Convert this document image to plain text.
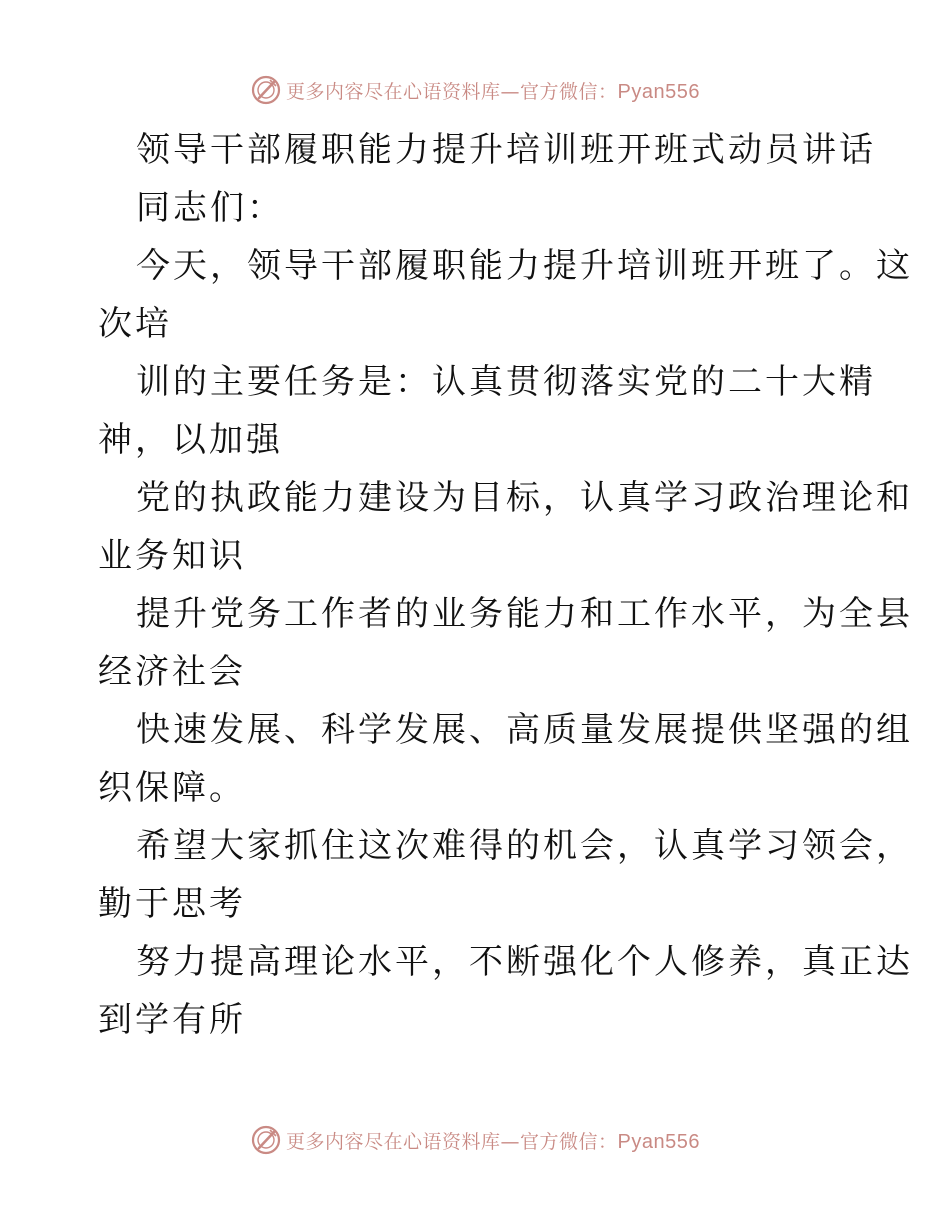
更多内容尽在心语资料库—官方微信：Pyan556
领导干部履职能力提升培训班开班式动员讲话
同志们：
今天，领导干部履职能力提升培训班开班了。这
次培
训的主要任务是：认真贯彻落实党的二十大精
神，以加强
党的执政能力建设为目标，认真学习政治理论和
业务知识
提升党务工作者的业务能力和工作水平，为全县
经济社会
快速发展、科学发展、高质量发展提供坚强的组
织保障。
希望大家抓住这次难得的机会，认真学习领会，
勤于思考
努力提高理论水平，不断强化个人修养，真正达
到学有所
更多内容尽在心语资料库—官方微信：Pyan556
